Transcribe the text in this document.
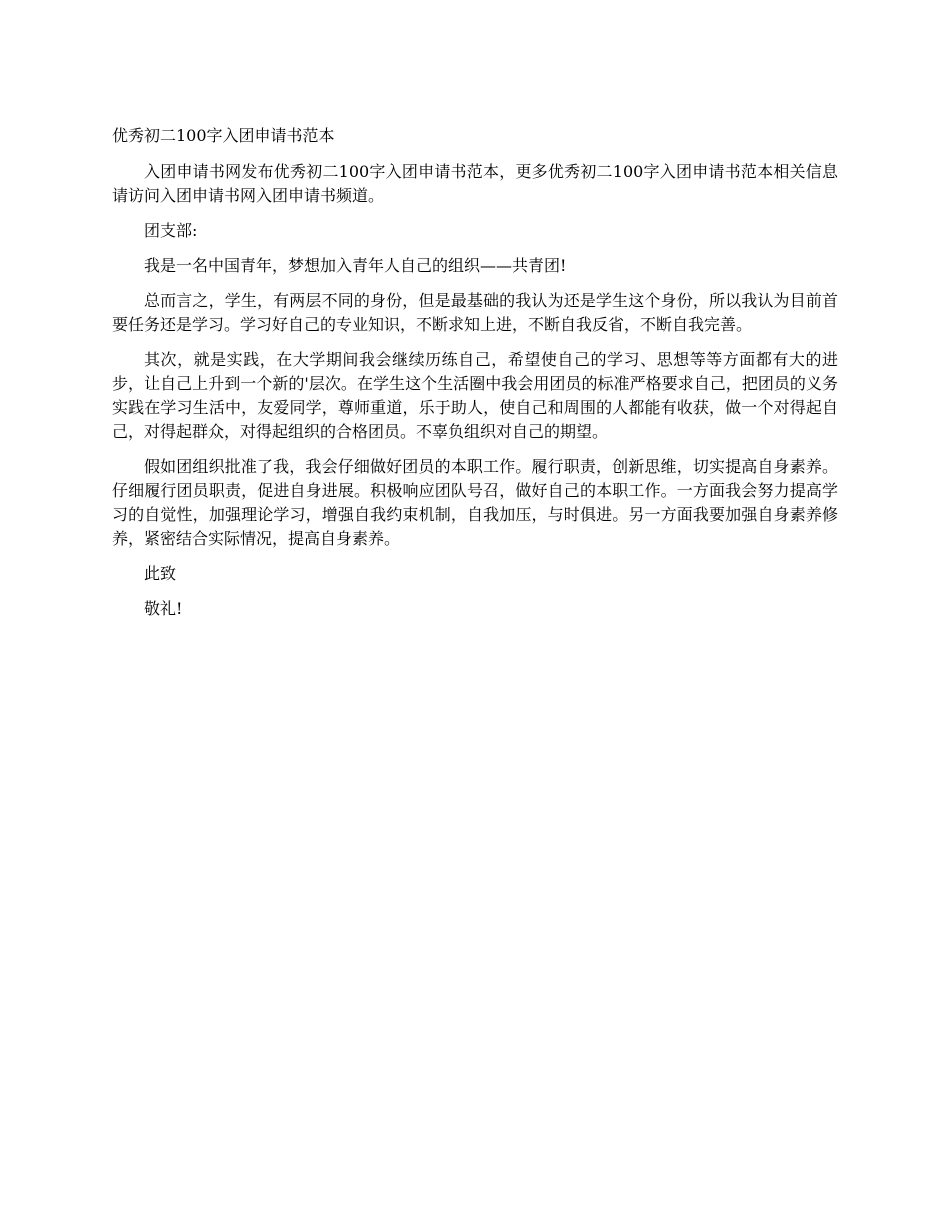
优秀初二100字入团申请书范本

入团申请书网发布优秀初二100字入团申请书范本，更多优秀初二100字入团申请书范本相关信息请访问入团申请书网入团申请书频道。

团支部:

我是一名中国青年，梦想加入青年人自己的组织——共青团!

总而言之，学生，有两层不同的身份，但是最基础的我认为还是学生这个身份，所以我认为目前首要任务还是学习。学习好自己的专业知识，不断求知上进，不断自我反省，不断自我完善。

其次，就是实践，在大学期间我会继续历练自己，希望使自己的学习、思想等等方面都有大的进步，让自己上升到一个新的'层次。在学生这个生活圈中我会用团员的标准严格要求自己，把团员的义务实践在学习生活中，友爱同学，尊师重道，乐于助人，使自己和周围的人都能有收获，做一个对得起自己，对得起群众，对得起组织的合格团员。不辜负组织对自己的期望。

假如团组织批准了我，我会仔细做好团员的本职工作。履行职责，创新思维，切实提高自身素养。仔细履行团员职责，促进自身进展。积极响应团队号召，做好自己的本职工作。一方面我会努力提高学习的自觉性，加强理论学习，增强自我约束机制，自我加压，与时俱进。另一方面我要加强自身素养修养，紧密结合实际情况，提高自身素养。

此致

敬礼!
